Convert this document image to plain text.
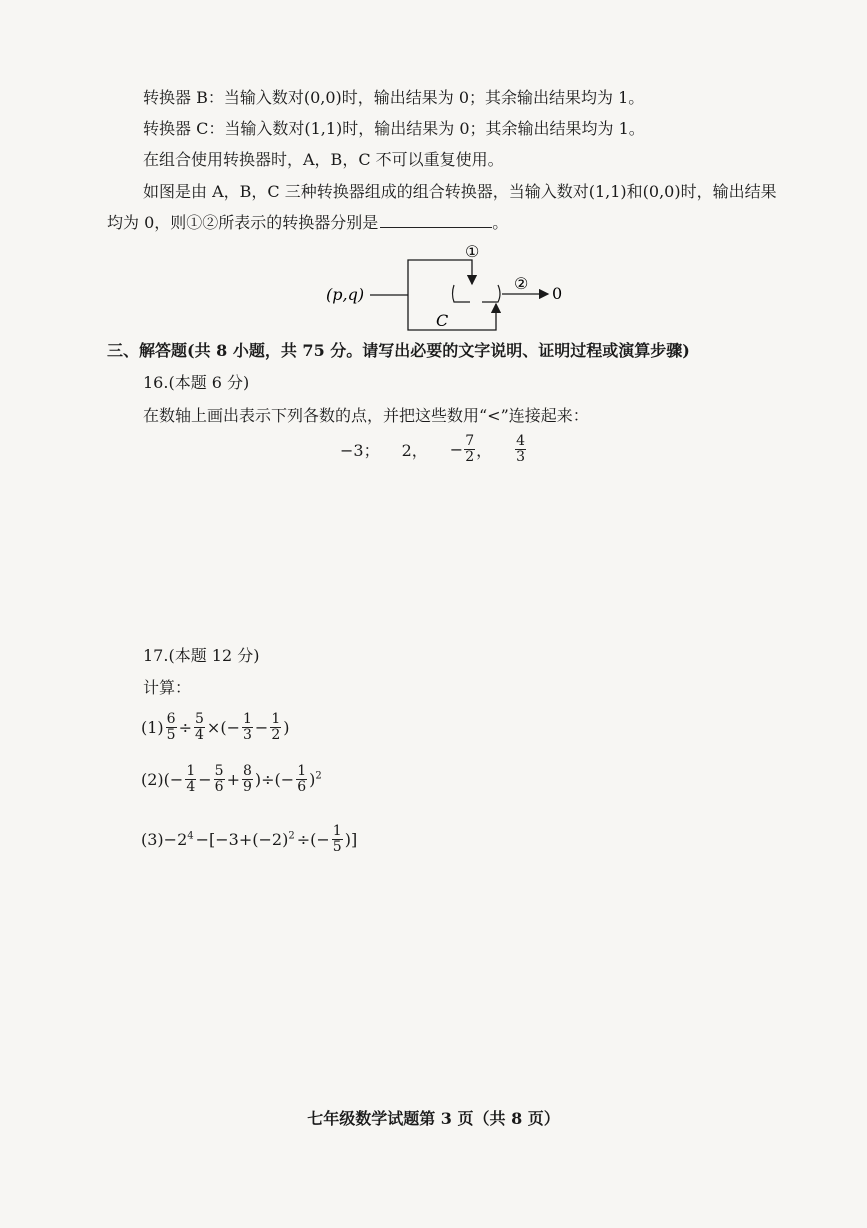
转换器 B：当输入数对(0,0)时，输出结果为 0；其余输出结果均为 1。
转换器 C：当输入数对(1,1)时，输出结果为 0；其余输出结果均为 1。
在组合使用转换器时，A，B，C 不可以重复使用。
如图是由 A，B，C 三种转换器组成的组合转换器，当输入数对(1,1)和(0,0)时，输出结果
均为 0，则①②所表示的转换器分别是	。
①
②
C
(p,q)	0
三、解答题(共 8 小题，共 75 分。请写出必要的文字说明、证明过程或演算步骤)
16.(本题 6 分)
在数轴上画出表示下列各数的点，并把这些数用“<”连接起来：
−3； 2， − $\frac{7}{2}$ ， $\frac{4}{3}$
17.(本题 12 分)
计算：
$(1) \frac{6}{5} \div \frac{5}{4}$ ×(− $\frac{1}{3} - \frac{1}{2}$ )
$(2)(- \frac{1}{4} - \frac{5}{6} + \frac{8}{9}$ )÷(− $\frac{1}{6} )^2$
$(3)-2^4 -[-3+(-2)^2$ ÷(− $\frac{1}{5}$ )]
七年级数学试题第 3 页（共 8 页）
